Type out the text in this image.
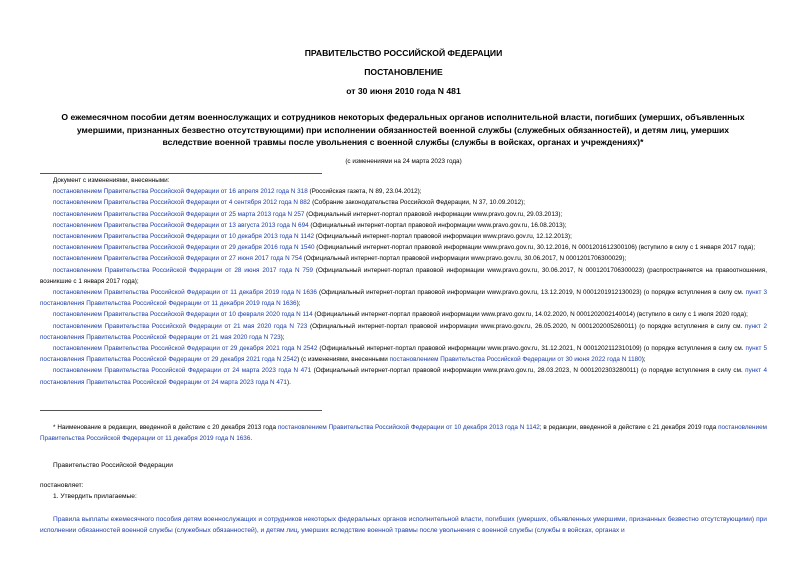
ПРАВИТЕЛЬСТВО РОССИЙСКОЙ ФЕДЕРАЦИИ
ПОСТАНОВЛЕНИЕ
от 30 июня 2010 года N 481
О ежемесячном пособии детям военнослужащих и сотрудников некоторых федеральных органов исполнительной власти, погибших (умерших, объявленных умершими, признанных безвестно отсутствующими) при исполнении обязанностей военной службы (служебных обязанностей), и детям лиц, умерших вследствие военной травмы после увольнения с военной службы (службы в войсках, органах и учреждениях)*
(с изменениями на 24 марта 2023 года)

Документ с изменениями, внесенными:

постановлением Правительства Российской Федерации от 16 апреля 2012 года N 318 (Российская газета, N 89, 23.04.2012);

постановлением Правительства Российской Федерации от 4 сентября 2012 года N 882 (Собрание законодательства Российской Федерации, N 37, 10.09.2012);

постановлением Правительства Российской Федерации от 25 марта 2013 года N 257 (Официальный интернет-портал правовой информации www.pravo.gov.ru, 29.03.2013);

постановлением Правительства Российской Федерации от 13 августа 2013 года N 694 (Официальный интернет-портал правовой информации www.pravo.gov.ru, 16.08.2013);

постановлением Правительства Российской Федерации от 10 декабря 2013 года N 1142 (Официальный интернет-портал правовой информации www.pravo.gov.ru, 12.12.2013);

постановлением Правительства Российской Федерации от 29 декабря 2016 года N 1540 (Официальный интернет-портал правовой информации www.pravo.gov.ru, 30.12.2016, N 0001201612300106) (вступило в силу с 1 января 2017 года);

постановлением Правительства Российской Федерации от 27 июня 2017 года N 754 (Официальный интернет-портал правовой информации www.pravo.gov.ru, 30.06.2017, N 0001201706300029);

постановлением Правительства Российской Федерации от 28 июня 2017 года N 759 (Официальный интернет-портал правовой информации www.pravo.gov.ru, 30.06.2017, N 0001201706300023) (распространяется на правоотношения, возникшие с 1 января 2017 года);

постановлением Правительства Российской Федерации от 11 декабря 2019 года N 1636 (Официальный интернет-портал правовой информации www.pravo.gov.ru, 13.12.2019, N 0001201912130023) (о порядке вступления в силу см. пункт 3 постановления Правительства Российской Федерации от 11 декабря 2019 года N 1636);

постановлением Правительства Российской Федерации от 10 февраля 2020 года N 114 (Официальный интернет-портал правовой информации www.pravo.gov.ru, 14.02.2020, N 0001202002140014) (вступило в силу с 1 июля 2020 года);

постановлением Правительства Российской Федерации от 21 мая 2020 года N 723 (Официальный интернет-портал правовой информации www.pravo.gov.ru, 26.05.2020, N 0001202005260011) (о порядке вступления в силу см. пункт 2 постановления Правительства Российской Федерации от 21 мая 2020 года N 723);

постановлением Правительства Российской Федерации от 29 декабря 2021 года N 2542 (Официальный интернет-портал правовой информации www.pravo.gov.ru, 31.12.2021, N 0001202112310109) (о порядке вступления в силу см. пункт 5 постановления Правительства Российской Федерации от 29 декабря 2021 года N 2542) (с изменениями, внесенными постановлением Правительства Российской Федерации от 30 июня 2022 года N 1180);

постановлением Правительства Российской Федерации от 24 марта 2023 года N 471 (Официальный интернет-портал правовой информации www.pravo.gov.ru, 28.03.2023, N 0001202303280011) (о порядке вступления в силу см. пункт 4 постановления Правительства Российской Федерации от 24 марта 2023 года N 471).

* Наименование в редакции, введенной в действие с 20 декабря 2013 года постановлением Правительства Российской Федерации от 10 декабря 2013 года N 1142; в редакции, введенной в действие с 21 декабря 2019 года постановлением Правительства Российской Федерации от 11 декабря 2019 года N 1636.

Правительство Российской Федерации

постановляет:

1. Утвердить прилагаемые:

Правила выплаты ежемесячного пособия детям военнослужащих и сотрудников некоторых федеральных органов исполнительной власти, погибших (умерших, объявленных умершими, признанных безвестно отсутствующими) при исполнении обязанностей военной службы (служебных обязанностей), и детям лиц, умерших вследствие военной травмы после увольнения с военной службы (службы в войсках, органах и
